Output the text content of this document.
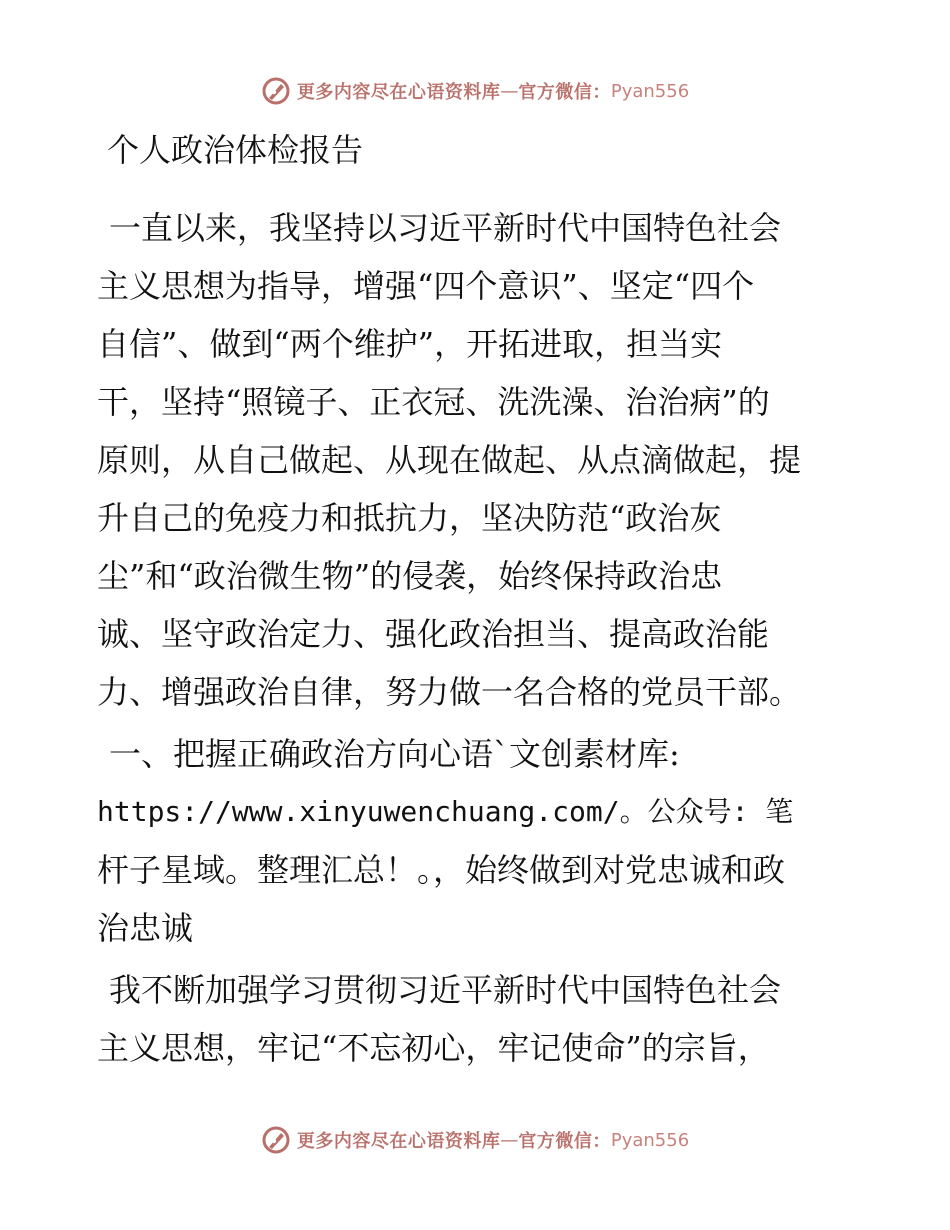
更多内容尽在心语资料库 — 官方微信： Pyan556
个人政治体检报告
一直以来，我坚持以习近平新时代中国特色社会
主义思想为指导，增强“四个意识”、坚定“四个
自信”、做到“两个维护”，开拓进取，担当实
干，坚持“照镜子、正衣冠、洗洗澡、治治病”的
原则，从自己做起、从现在做起、从点滴做起，提
升自己的免疫力和抵抗力，坚决防范“政治灰
尘”和“政治微生物”的侵袭，始终保持政治忠
诚、坚守政治定力、强化政治担当、提高政治能
力、增强政治自律，努力做一名合格的党员干部。
一、把握正确政治方向心语`文创素材库:
https://www.xinyuwenchuang.com/。公众号: 笔
杆子星域。整理汇总！。，始终做到对党忠诚和政
治忠诚
我不断加强学习贯彻习近平新时代中国特色社会
主义思想，牢记“不忘初心，牢记使命”的宗旨，
更多内容尽在心语资料库 — 官方微信： Pyan556
